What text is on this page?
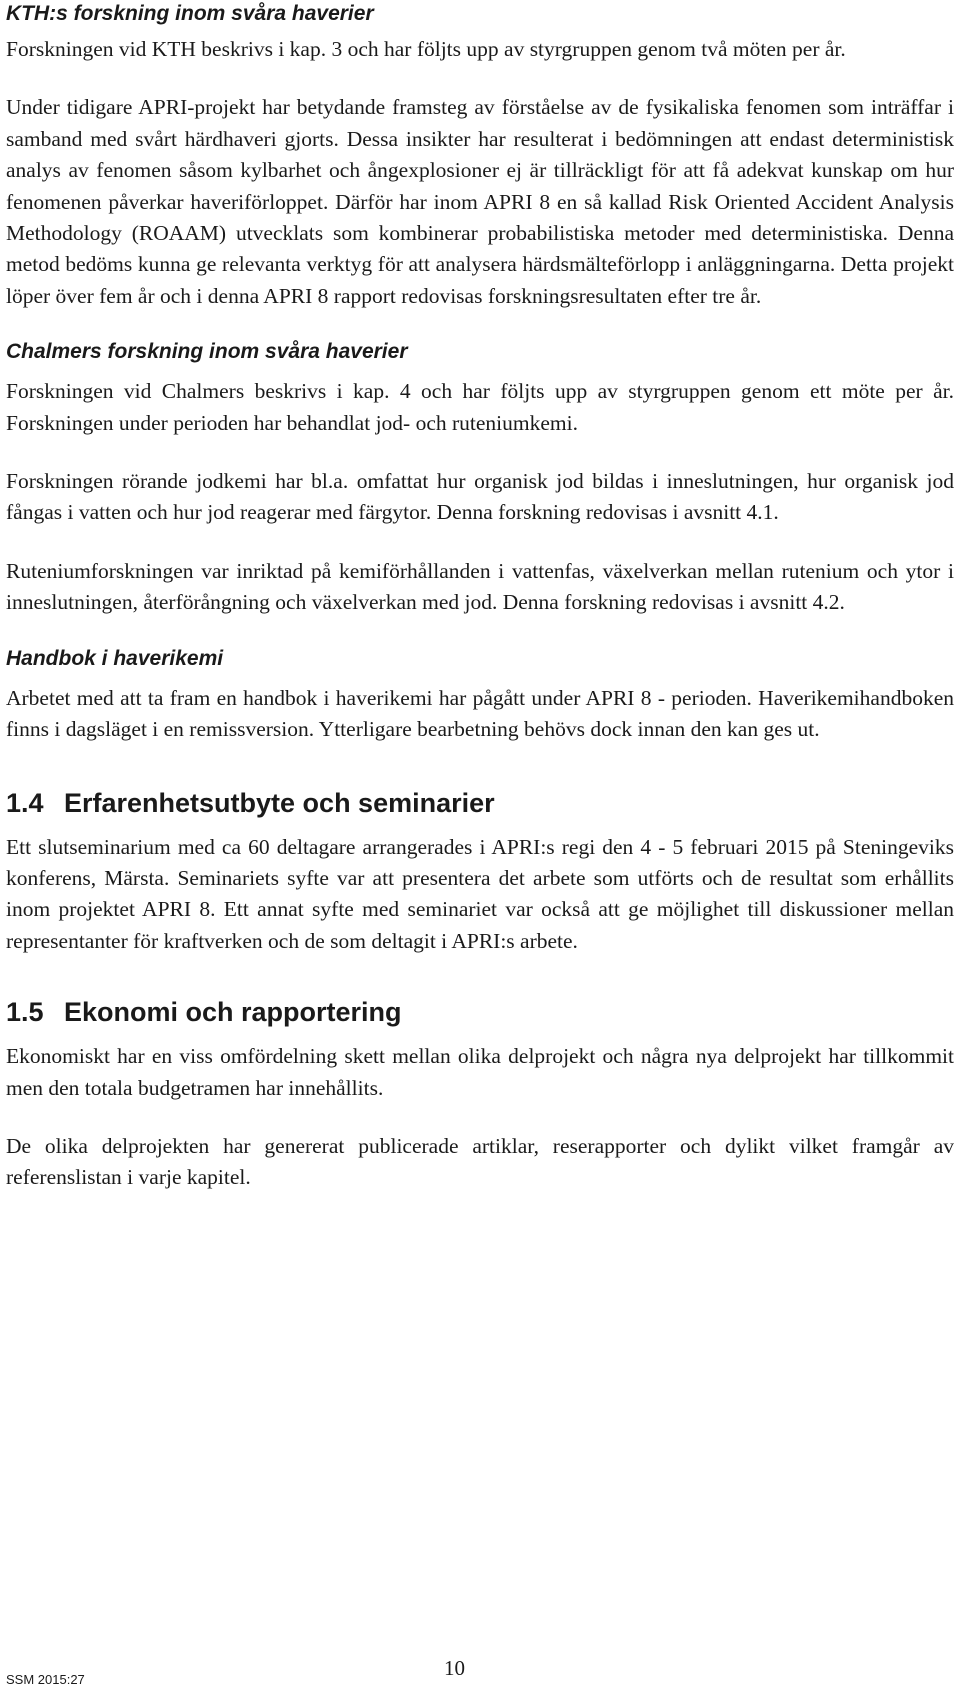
KTH:s forskning inom svåra haverier

Forskningen vid KTH beskrivs i kap. 3 och har följts upp av styrgruppen genom två möten per år.

Under tidigare APRI-projekt har betydande framsteg av förståelse av de fysikaliska fenomen som inträffar i samband med svårt härdhaveri gjorts. Dessa insikter har resulterat i bedömningen att endast deterministisk analys av fenomen såsom kylbarhet och ångexplosioner ej är tillräckligt för att få adekvat kunskap om hur fenomenen påverkar haveriförloppet. Därför har inom APRI 8 en så kallad Risk Oriented Accident Analysis Methodology (ROAAM) utvecklats som kombinerar probabilistiska metoder med deterministiska. Denna metod bedöms kunna ge relevanta verktyg för att analysera härdsmälteförlopp i anläggningarna. Detta projekt löper över fem år och i denna APRI 8 rapport redovisas forskningsresultaten efter tre år.

Chalmers forskning inom svåra haverier

Forskningen vid Chalmers beskrivs i kap. 4 och har följts upp av styrgruppen genom ett möte per år. Forskningen under perioden har behandlat jod- och ruteniumkemi.

Forskningen rörande jodkemi har bl.a. omfattat hur organisk jod bildas i inneslutningen, hur organisk jod fångas i vatten och hur jod reagerar med färgytor. Denna forskning redovisas i avsnitt 4.1.

Ruteniumforskningen var inriktad på kemiförhållanden i vattenfas, växelverkan mellan rutenium och ytor i inneslutningen, återförångning och växelverkan med jod. Denna forskning redovisas i avsnitt 4.2.

Handbok i haverikemi

Arbetet med att ta fram en handbok i haverikemi har pågått under APRI 8 - perioden. Haverikemihandboken finns i dagsläget i en remissversion. Ytterligare bearbetning behövs dock innan den kan ges ut.

1.4 Erfarenhetsutbyte och seminarier

Ett slutseminarium med ca 60 deltagare arrangerades i APRI:s regi den 4 - 5 februari 2015 på Steningeviks konferens, Märsta. Seminariets syfte var att presentera det arbete som utförts och de resultat som erhållits inom projektet APRI 8. Ett annat syfte med seminariet var också att ge möjlighet till diskussioner mellan representanter för kraftverken och de som deltagit i APRI:s arbete.

1.5 Ekonomi och rapportering

Ekonomiskt har en viss omfördelning skett mellan olika delprojekt och några nya delprojekt har tillkommit men den totala budgetramen har innehållits.

De olika delprojekten har genererat publicerade artiklar, reserapporter och dylikt vilket framgår av referenslistan i varje kapitel.

SSM 2015:27	10
